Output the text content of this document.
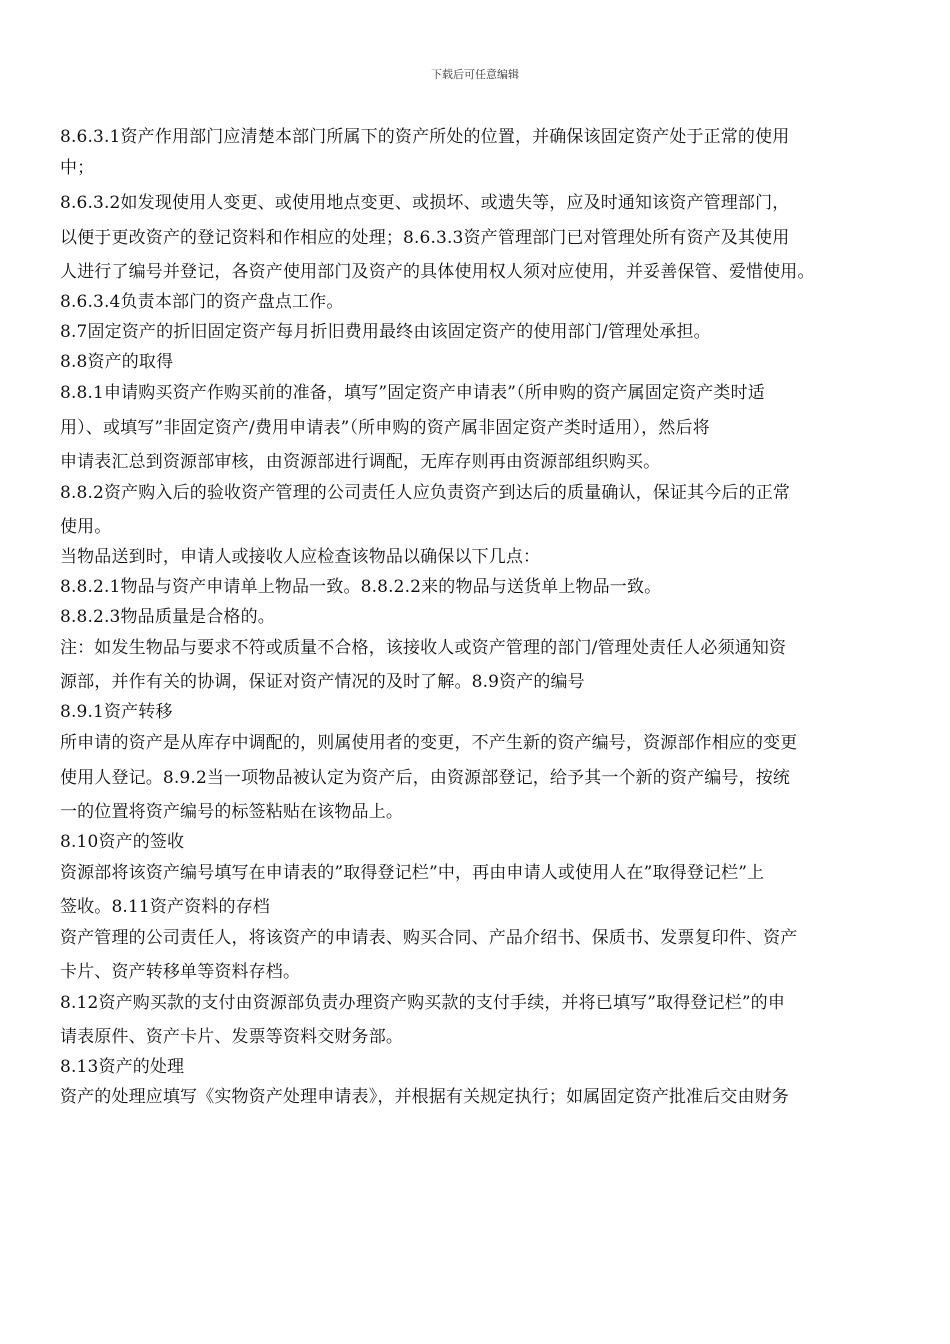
下载后可任意编辑
8.6.3.1资产作用部门应清楚本部门所属下的资产所处的位置，并确保该固定资产处于正常的使用
中；
8.6.3.2如发现使用人变更、或使用地点变更、或损坏、或遗失等，应及时通知该资产管理部门，
以便于更改资产的登记资料和作相应的处理；8.6.3.3资产管理部门已对管理处所有资产及其使用
人进行了编号并登记，各资产使用部门及资产的具体使用权人须对应使用，并妥善保管、爱惜使用。
8.6.3.4负责本部门的资产盘点工作。
8.7固定资产的折旧固定资产每月折旧费用最终由该固定资产的使用部门/管理处承担。
8.8资产的取得
8.8.1申请购买资产作购买前的准备，填写”固定资产申请表”（所申购的资产属固定资产类时适
用）、或填写”非固定资产/费用申请表”（所申购的资产属非固定资产类时适用），然后将
申请表汇总到资源部审核，由资源部进行调配，无库存则再由资源部组织购买。
8.8.2资产购入后的验收资产管理的公司责任人应负责资产到达后的质量确认，保证其今后的正常
使用。
当物品送到时，申请人或接收人应检查该物品以确保以下几点：
8.8.2.1物品与资产申请单上物品一致。8.8.2.2来的物品与送货单上物品一致。
8.8.2.3物品质量是合格的。
注：如发生物品与要求不符或质量不合格，该接收人或资产管理的部门/管理处责任人必须通知资
源部，并作有关的协调，保证对资产情况的及时了解。8.9资产的编号
8.9.1资产转移
所申请的资产是从库存中调配的，则属使用者的变更，不产生新的资产编号，资源部作相应的变更
使用人登记。8.9.2当一项物品被认定为资产后，由资源部登记，给予其一个新的资产编号，按统
一的位置将资产编号的标签粘贴在该物品上。
8.10资产的签收
资源部将该资产编号填写在申请表的”取得登记栏”中，再由申请人或使用人在”取得登记栏”上
签收。8.11资产资料的存档
资产管理的公司责任人，将该资产的申请表、购买合同、产品介绍书、保质书、发票复印件、资产
卡片、资产转移单等资料存档。
8.12资产购买款的支付由资源部负责办理资产购买款的支付手续，并将已填写”取得登记栏”的申
请表原件、资产卡片、发票等资料交财务部。
8.13资产的处理
资产的处理应填写《实物资产处理申请表》，并根据有关规定执行；如属固定资产批准后交由财务
